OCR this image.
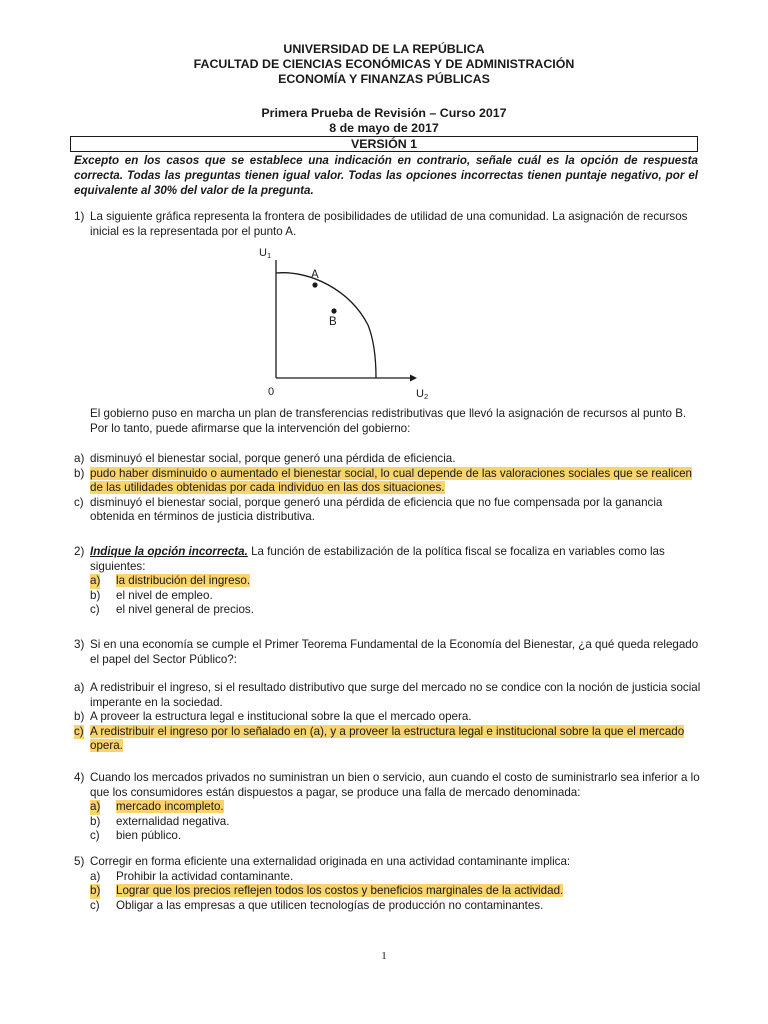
UNIVERSIDAD DE LA REPÚBLICA
FACULTAD DE CIENCIAS ECONÓMICAS Y DE ADMINISTRACIÓN
ECONOMÍA Y FINANZAS PÚBLICAS
Primera Prueba de Revisión – Curso 2017
8 de mayo de 2017
VERSIÓN 1
Excepto en los casos que se establece una indicación en contrario, señale cuál es la opción de respuesta correcta. Todas las preguntas tienen igual valor. Todas las opciones incorrectas tienen puntaje negativo, por el equivalente al 30% del valor de la pregunta.
1) La siguiente gráfica representa la frontera de posibilidades de utilidad de una comunidad. La asignación de recursos inicial es la representada por el punto A.
U1
A
B
0	U2
El gobierno puso en marcha un plan de transferencias redistributivas que llevó la asignación de recursos al punto B. Por lo tanto, puede afirmarse que la intervención del gobierno:
a) disminuyó el bienestar social, porque generó una pérdida de eficiencia.
b) pudo haber disminuido o aumentado el bienestar social, lo cual depende de las valoraciones sociales que se realicen de las utilidades obtenidas por cada individuo en las dos situaciones.
c) disminuyó el bienestar social, porque generó una pérdida de eficiencia que no fue compensada por la ganancia obtenida en términos de justicia distributiva.
2) Indique la opción incorrecta. La función de estabilización de la política fiscal se focaliza en variables como las siguientes:
a) la distribución del ingreso.
b) el nivel de empleo.
c) el nivel general de precios.
3) Si en una economía se cumple el Primer Teorema Fundamental de la Economía del Bienestar, ¿a qué queda relegado el papel del Sector Público?:
a) A redistribuir el ingreso, si el resultado distributivo que surge del mercado no se condice con la noción de justicia social imperante en la sociedad.
b) A proveer la estructura legal e institucional sobre la que el mercado opera.
c) A redistribuir el ingreso por lo señalado en (a), y a proveer la estructura legal e institucional sobre la que el mercado opera.
4) Cuando los mercados privados no suministran un bien o servicio, aun cuando el costo de suministrarlo sea inferior a lo que los consumidores están dispuestos a pagar, se produce una falla de mercado denominada:
a) mercado incompleto.
b) externalidad negativa.
c) bien público.
5) Corregir en forma eficiente una externalidad originada en una actividad contaminante implica:
a) Prohibir la actividad contaminante.
b) Lograr que los precios reflejen todos los costos y beneficios marginales de la actividad.
c) Obligar a las empresas a que utilicen tecnologías de producción no contaminantes.
1
